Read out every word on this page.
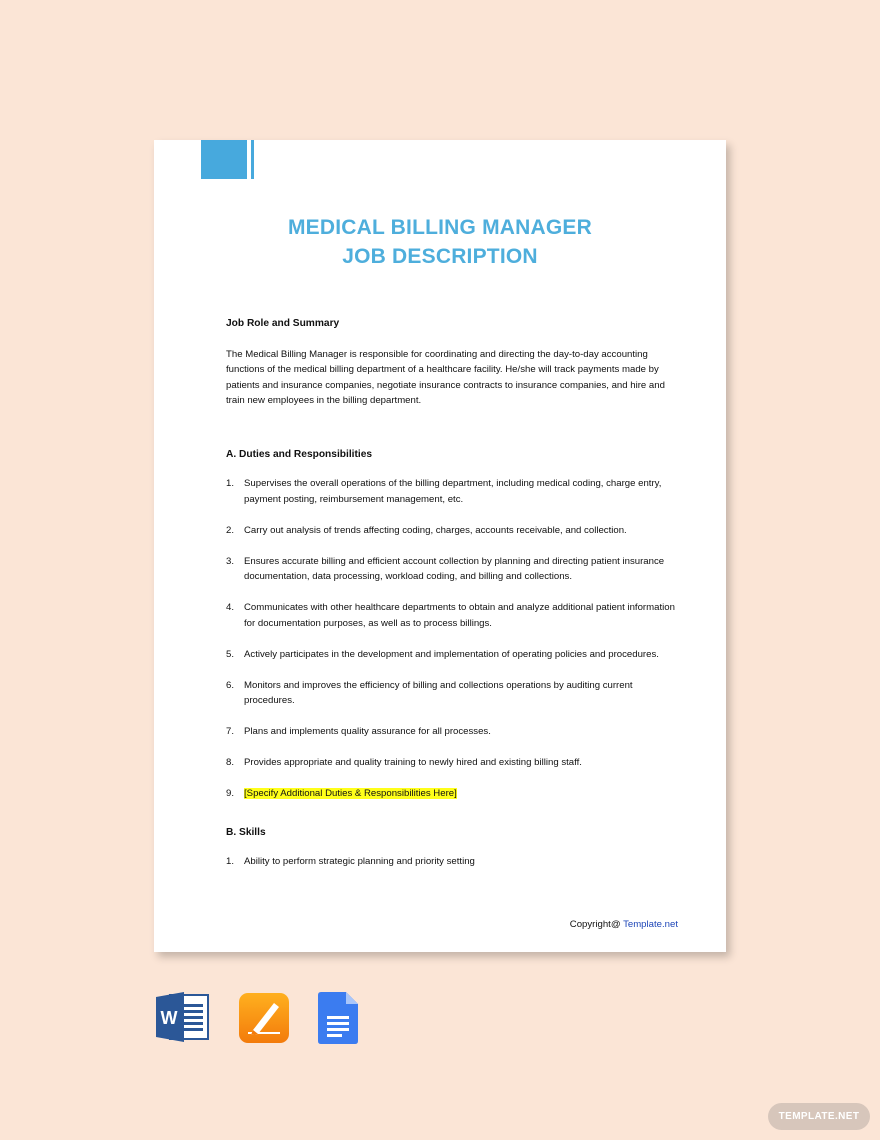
MEDICAL BILLING MANAGER
JOB DESCRIPTION

Job Role and Summary

The Medical Billing Manager is responsible for coordinating and directing the day-to-day accounting functions of the medical billing department of a healthcare facility. He/she will track payments made by patients and insurance companies, negotiate insurance contracts to insurance companies, and hire and train new employees in the billing department.

A. Duties and Responsibilities

1.	Supervises the overall operations of the billing department, including medical coding, charge entry, payment posting, reimbursement management, etc.
2.	Carry out analysis of trends affecting coding, charges, accounts receivable, and collection.
3.	Ensures accurate billing and efficient account collection by planning and directing patient insurance documentation, data processing, workload coding, and billing and collections.
4.	Communicates with other healthcare departments to obtain and analyze additional patient information for documentation purposes, as well as to process billings.
5.	Actively participates in the development and implementation of operating policies and procedures.
6.	Monitors and improves the efficiency of billing and collections operations by auditing current procedures.
7.	Plans and implements quality assurance for all processes.
8.	Provides appropriate and quality training to newly hired and existing billing staff.
9.	[Specify Additional Duties & Responsibilities Here]

B. Skills

1.	Ability to perform strategic planning and priority setting
Copyright@ Template.net
W
TEMPLATE.NET
